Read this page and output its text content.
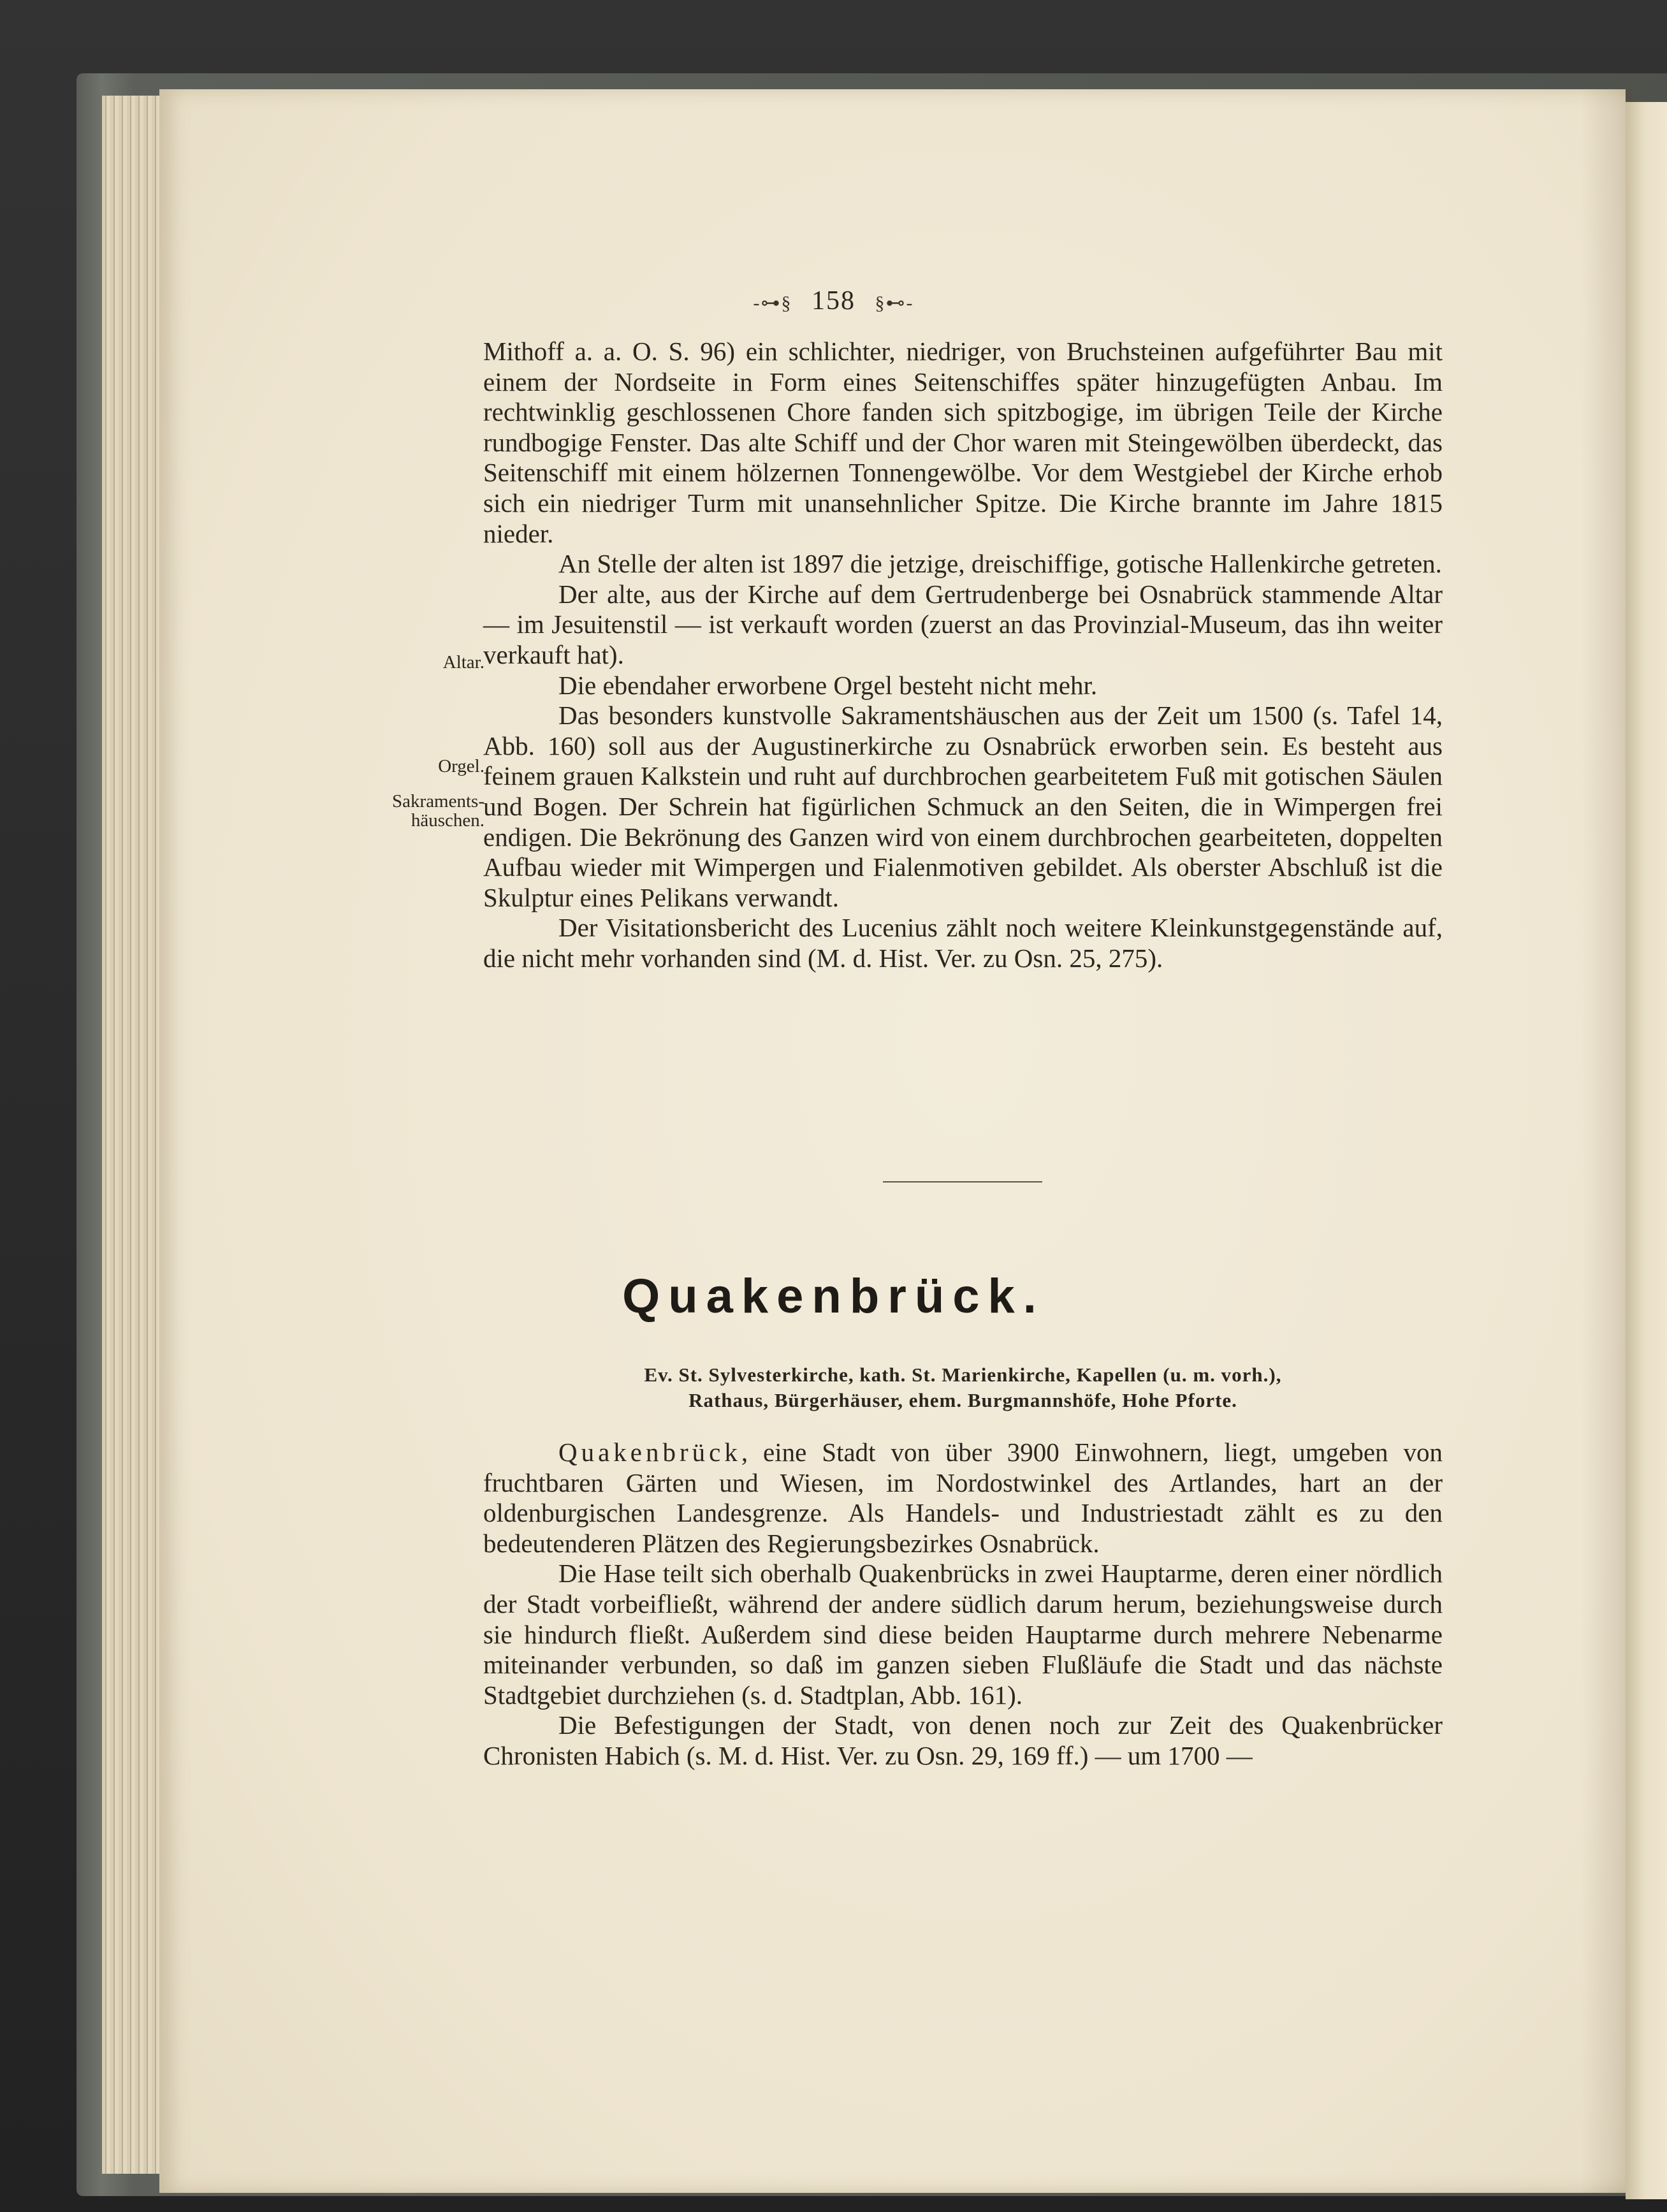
-⊶§ 158 §⊷-

Mithoff a. a. O. S. 96) ein schlichter, niedriger, von Bruchsteinen aufgeführter Bau mit einem der Nordseite in Form eines Seitenschiffes später hinzugefügten Anbau. Im rechtwinklig geschlossenen Chore fanden sich spitzbogige, im übrigen Teile der Kirche rundbogige Fenster. Das alte Schiff und der Chor waren mit Steingewölben überdeckt, das Seitenschiff mit einem hölzernen Tonnengewölbe. Vor dem Westgiebel der Kirche erhob sich ein niedriger Turm mit unansehnlicher Spitze. Die Kirche brannte im Jahre 1815 nieder.

An Stelle der alten ist 1897 die jetzige, dreischiffige, gotische Hallenkirche getreten.

Der alte, aus der Kirche auf dem Gertrudenberge bei Osnabrück stammende Altar — im Jesuitenstil — ist verkauft worden (zuerst an das Provinzial-Museum, das ihn weiter verkauft hat).

Die ebendaher erworbene Orgel besteht nicht mehr.

Das besonders kunstvolle Sakramentshäuschen aus der Zeit um 1500 (s. Tafel 14, Abb. 160) soll aus der Augustinerkirche zu Osnabrück erworben sein. Es besteht aus feinem grauen Kalkstein und ruht auf durchbrochen gearbeitetem Fuß mit gotischen Säulen und Bogen. Der Schrein hat figürlichen Schmuck an den Seiten, die in Wimpergen frei endigen. Die Bekrönung des Ganzen wird von einem durchbrochen gearbeiteten, doppelten Aufbau wieder mit Wimpergen und Fialenmotiven gebildet. Als oberster Abschluß ist die Skulptur eines Pelikans verwandt.

Der Visitationsbericht des Lucenius zählt noch weitere Kleinkunstgegenstände auf, die nicht mehr vorhanden sind (M. d. Hist. Ver. zu Osn. 25, 275).

Altar.
Orgel.
Sakraments-
häuschen.
Quakenbrück.
Ev. St. Sylvesterkirche, kath. St. Marienkirche, Kapellen (u. m. vorh.),
Rathaus, Bürgerhäuser, ehem. Burgmannshöfe, Hohe Pforte.

Quakenbrück, eine Stadt von über 3900 Einwohnern, liegt, umgeben von fruchtbaren Gärten und Wiesen, im Nordostwinkel des Artlandes, hart an der oldenburgischen Landesgrenze. Als Handels- und Industriestadt zählt es zu den bedeutenderen Plätzen des Regierungsbezirkes Osnabrück.

Die Hase teilt sich oberhalb Quakenbrücks in zwei Hauptarme, deren einer nördlich der Stadt vorbeifließt, während der andere südlich darum herum, beziehungsweise durch sie hindurch fließt. Außerdem sind diese beiden Hauptarme durch mehrere Nebenarme miteinander verbunden, so daß im ganzen sieben Flußläufe die Stadt und das nächste Stadtgebiet durchziehen (s. d. Stadtplan, Abb. 161).

Die Befestigungen der Stadt, von denen noch zur Zeit des Quakenbrücker Chronisten Habich (s. M. d. Hist. Ver. zu Osn. 29, 169 ff.) — um 1700 —
